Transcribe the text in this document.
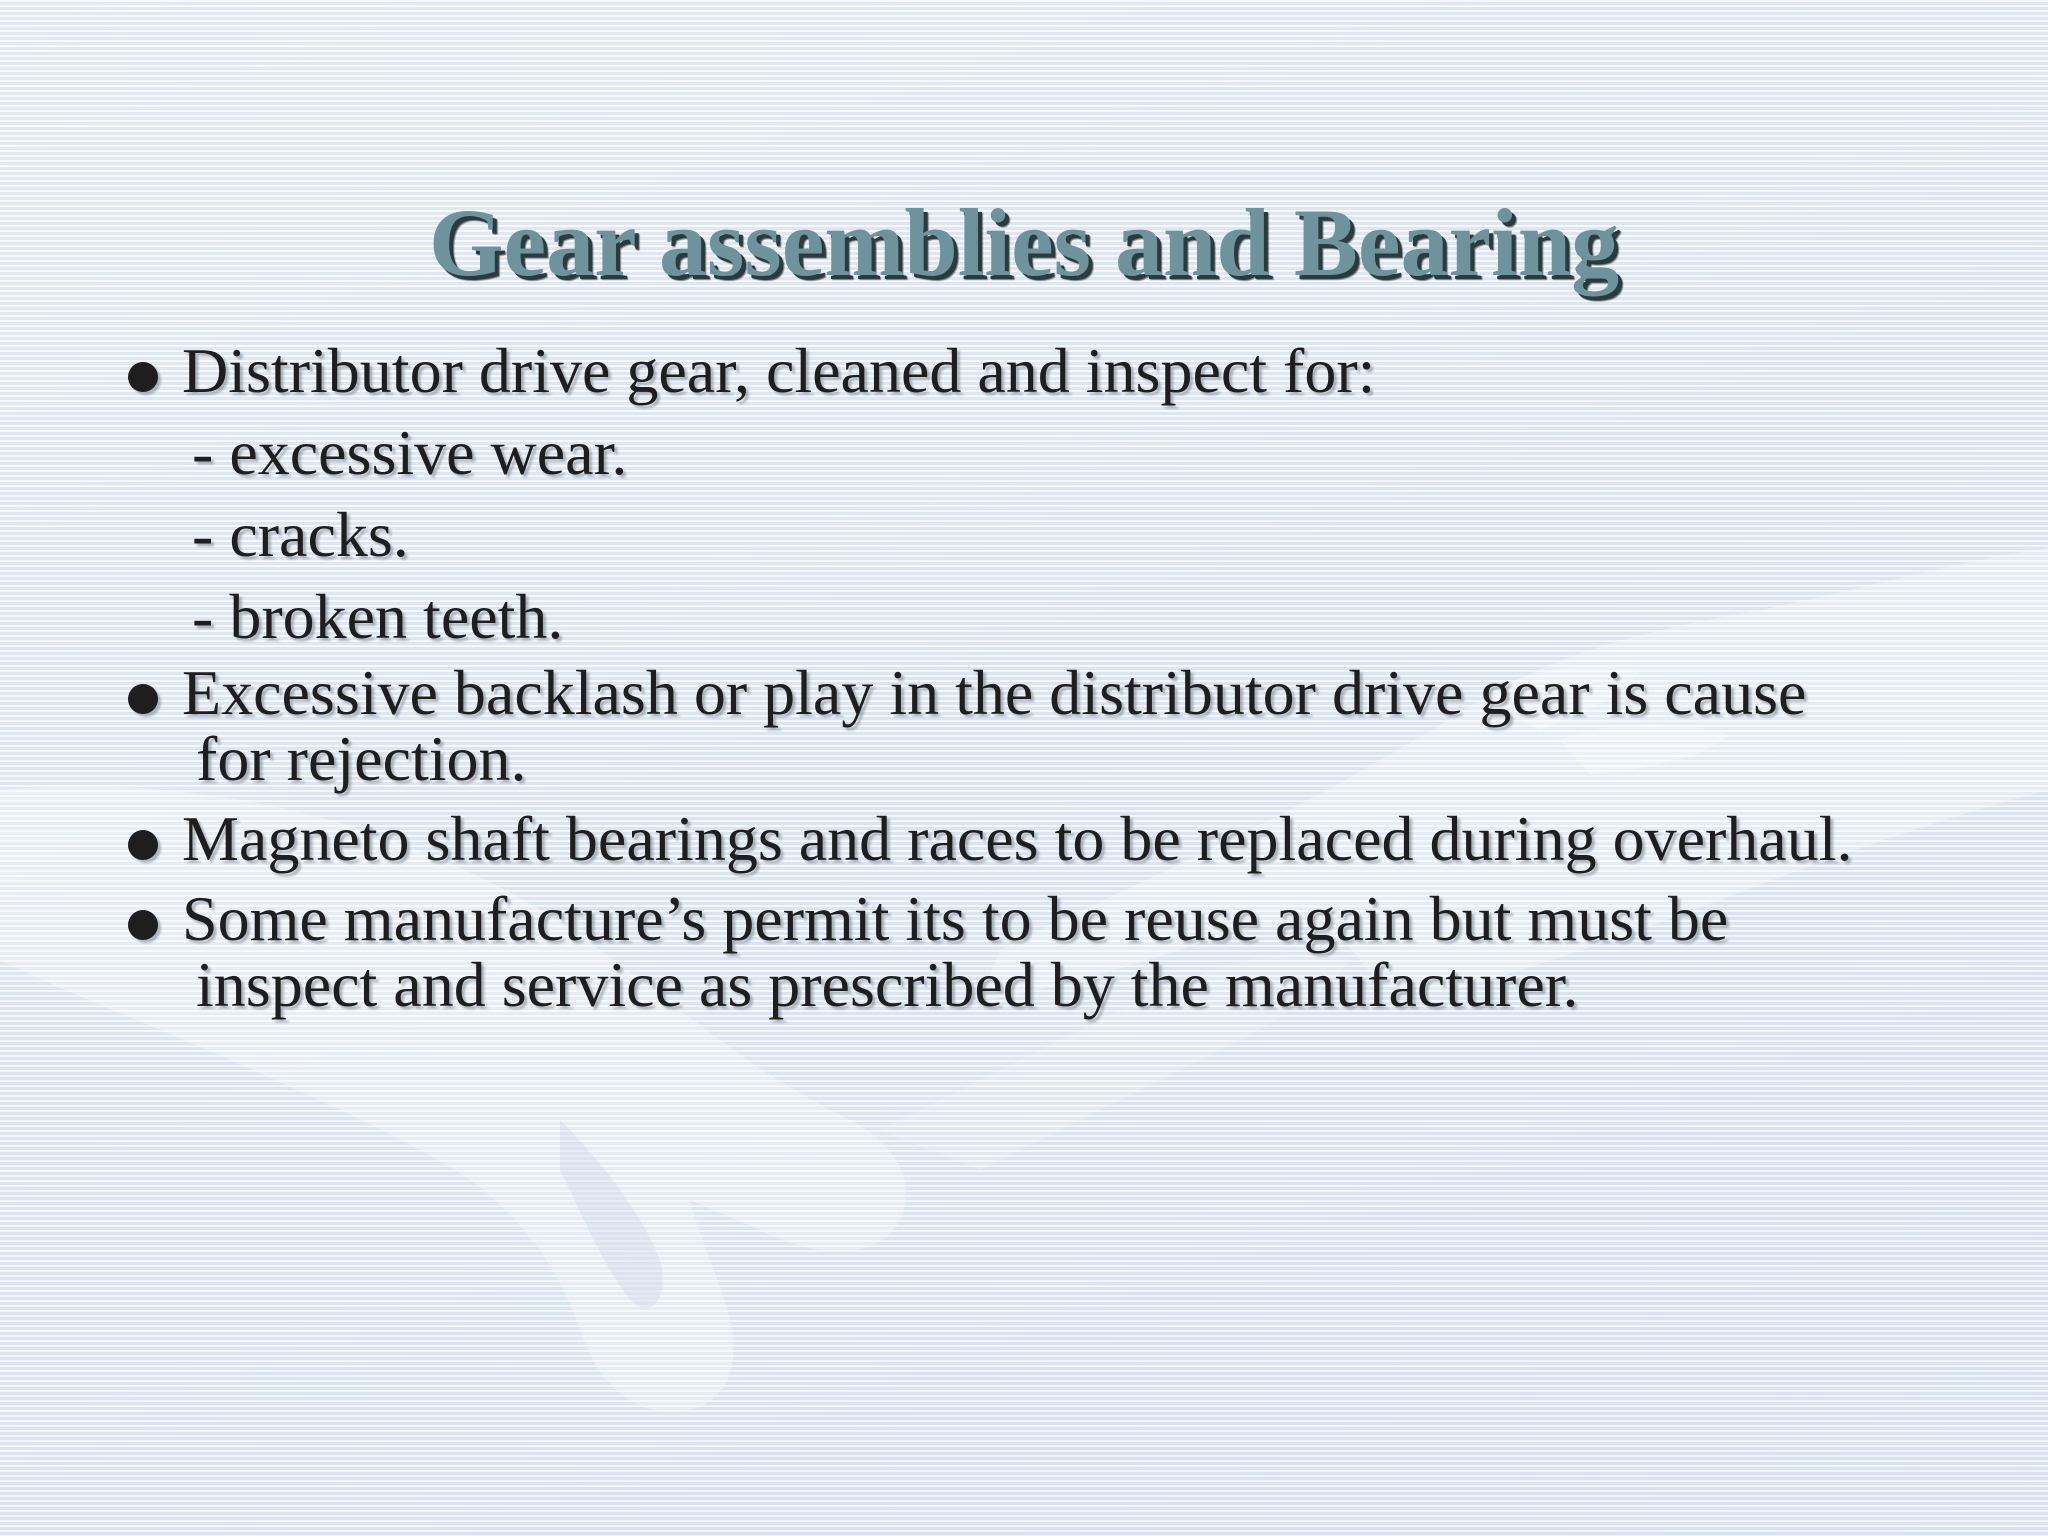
Gear assemblies and Bearing
Distributor drive gear, cleaned and inspect for:

- excessive wear.

- cracks.

- broken teeth.

Excessive backlash or play in the distributor drive gear is cause
for rejection.
Magneto shaft bearings and races to be replaced during overhaul.
Some manufacture’s permit its to be reuse again but must be
inspect and service as prescribed by the manufacturer.
